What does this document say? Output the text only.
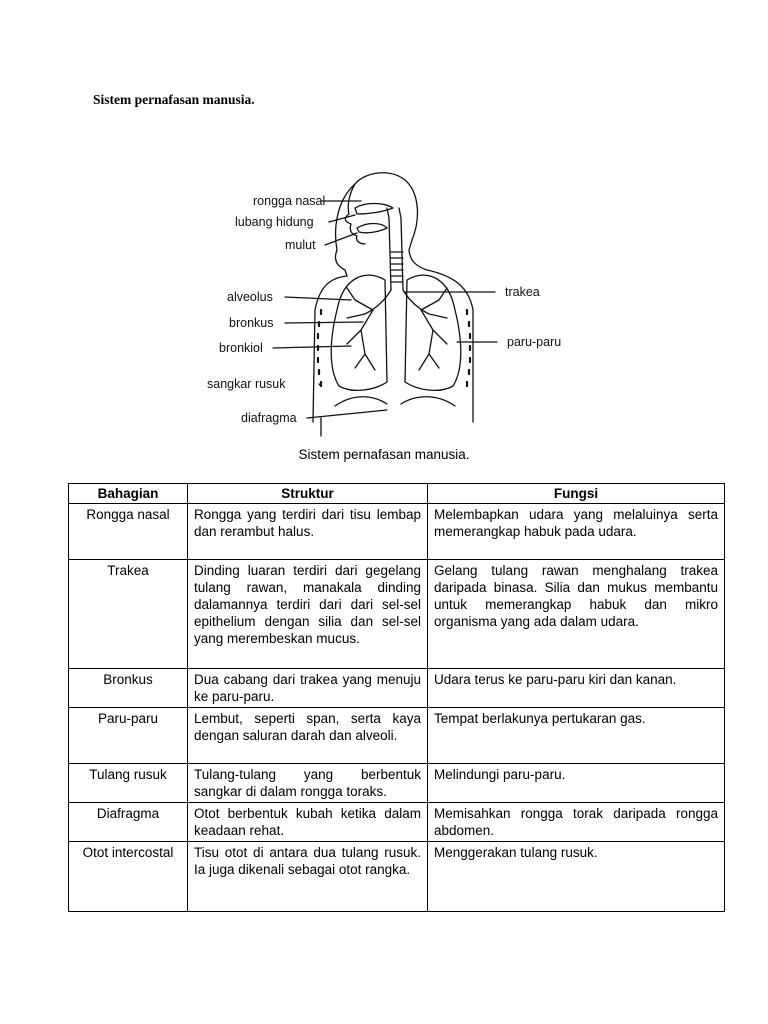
Sistem pernafasan manusia.
rongga nasal
lubang hidung
mulut
alveolus
bronkus
bronkiol
sangkar rusuk
diafragma
trakea
paru-paru
Sistem pernafasan manusia.
Bahagian	Struktur	Fungsi
Rongga nasal	Rongga yang terdiri dari tisu lembap dan rerambut halus.	Melembapkan udara yang melaluinya serta memerangkap habuk pada udara.
Trakea	Dinding luaran terdiri dari gegelang tulang rawan, manakala dinding dalamannya terdiri dari dari sel-sel epithelium dengan silia dan sel-sel yang merembeskan mucus.	Gelang tulang rawan menghalang trakea daripada binasa. Silia dan mukus membantu untuk memerangkap habuk dan mikro organisma yang ada dalam udara.
Bronkus	Dua cabang dari trakea yang menuju ke paru-paru.	Udara terus ke paru-paru kiri dan kanan.
Paru-paru	Lembut, seperti span, serta kaya dengan saluran darah dan alveoli.	Tempat berlakunya pertukaran gas.
Tulang rusuk	Tulang-tulang yang berbentuk sangkar di dalam rongga toraks.	Melindungi paru-paru.
Diafragma	Otot berbentuk kubah ketika dalam keadaan rehat.	Memisahkan rongga torak daripada rongga abdomen.
Otot intercostal	Tisu otot di antara dua tulang rusuk. Ia juga dikenali sebagai otot rangka.	Menggerakan tulang rusuk.
